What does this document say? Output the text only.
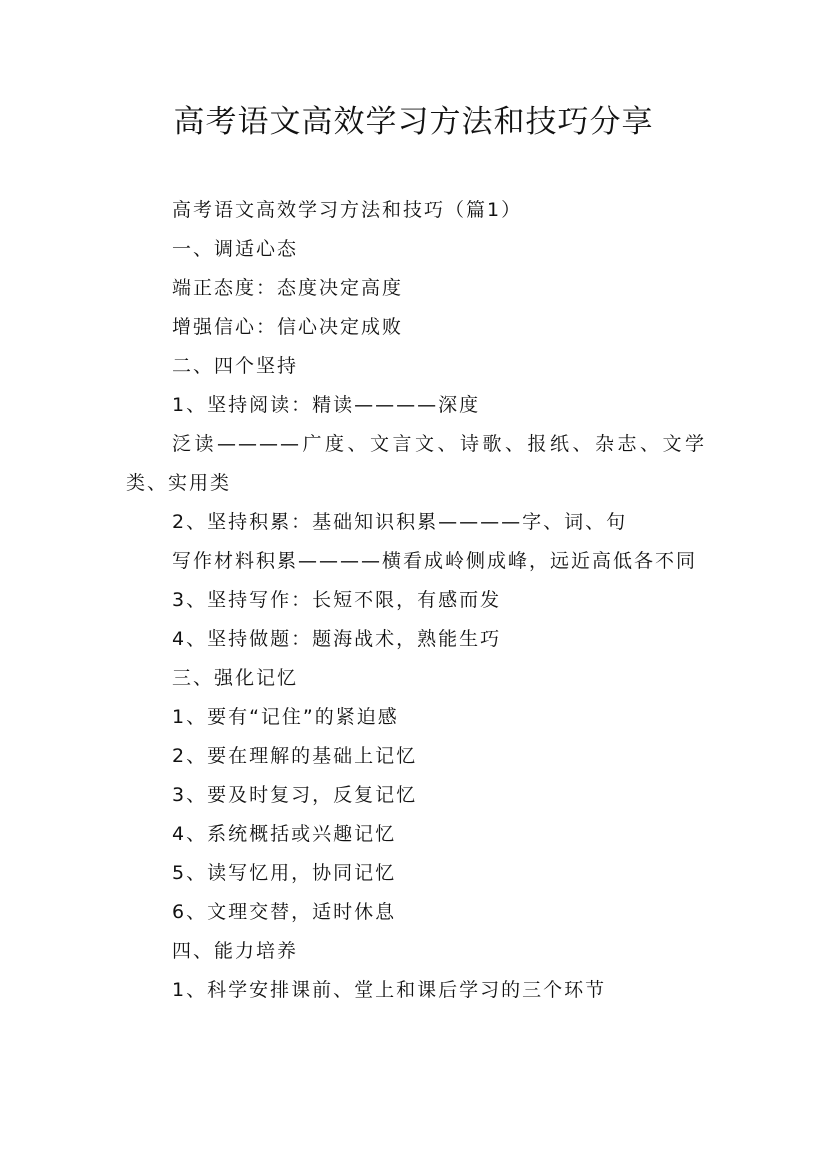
高考语文高效学习方法和技巧分享

高考语文高效学习方法和技巧（篇1）

一、调适心态

端正态度：态度决定高度

增强信心：信心决定成败

二、四个坚持

1、坚持阅读：精读————深度

泛读————广度、文言文、诗歌、报纸、杂志、文学类、实用类

2、坚持积累：基础知识积累————字、词、句

写作材料积累————横看成岭侧成峰，远近高低各不同

3、坚持写作：长短不限，有感而发

4、坚持做题：题海战术，熟能生巧

三、强化记忆

1、要有“记住”的紧迫感

2、要在理解的基础上记忆

3、要及时复习，反复记忆

4、系统概括或兴趣记忆

5、读写忆用，协同记忆

6、文理交替，适时休息

四、能力培养

1、科学安排课前、堂上和课后学习的三个环节
